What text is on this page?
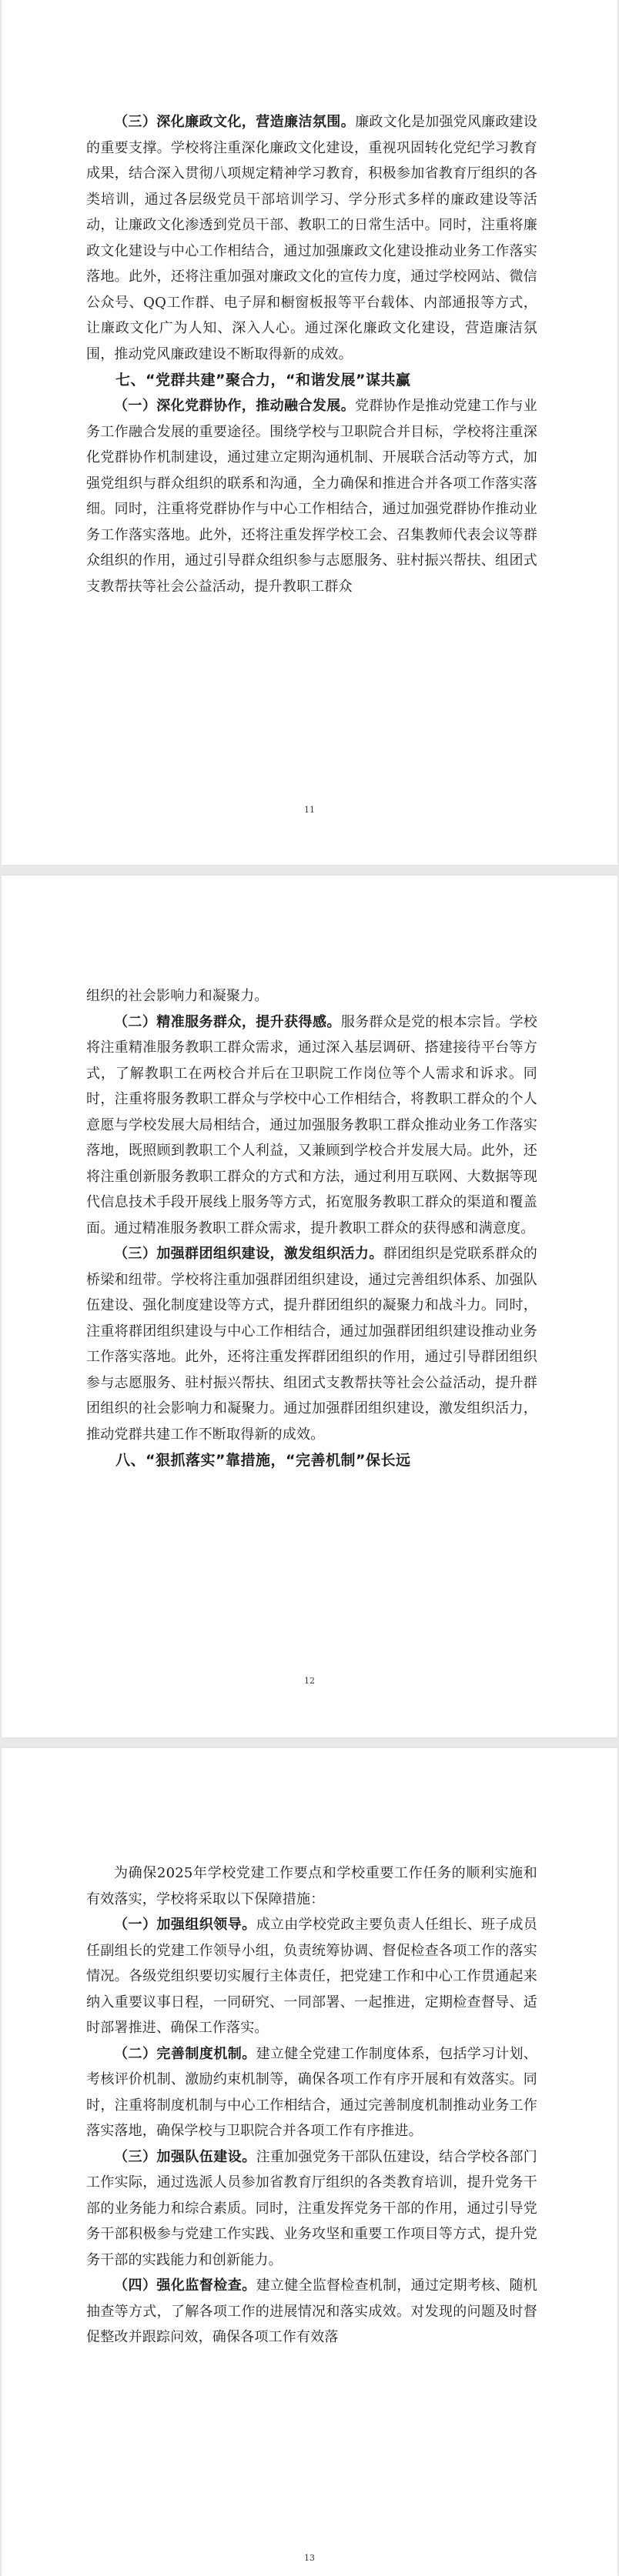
（三）深化廉政文化，营造廉洁氛围。廉政文化是加强党风廉政建设的重要支撑。学校将注重深化廉政文化建设，重视巩固转化党纪学习教育成果，结合深入贯彻八项规定精神学习教育，积极参加省教育厅组织的各类培训，通过各层级党员干部培训学习、学分形式多样的廉政建设等活动，让廉政文化渗透到党员干部、教职工的日常生活中。同时，注重将廉政文化建设与中心工作相结合，通过加强廉政文化建设推动业务工作落实落地。此外，还将注重加强对廉政文化的宣传力度，通过学校网站、微信公众号、QQ工作群、电子屏和橱窗板报等平台载体、内部通报等方式，让廉政文化广为人知、深入人心。通过深化廉政文化建设，营造廉洁氛围，推动党风廉政建设不断取得新的成效。

七、“党群共建”聚合力，“和谐发展”谋共赢

（一）深化党群协作，推动融合发展。党群协作是推动党建工作与业务工作融合发展的重要途径。围绕学校与卫职院合并目标，学校将注重深化党群协作机制建设，通过建立定期沟通机制、开展联合活动等方式，加强党组织与群众组织的联系和沟通，全力确保和推进合并各项工作落实落细。同时，注重将党群协作与中心工作相结合，通过加强党群协作推动业务工作落实落地。此外，还将注重发挥学校工会、召集教师代表会议等群众组织的作用，通过引导群众组织参与志愿服务、驻村振兴帮扶、组团式支教帮扶等社会公益活动，提升教职工群众

11

组织的社会影响力和凝聚力。

（二）精准服务群众，提升获得感。服务群众是党的根本宗旨。学校将注重精准服务教职工群众需求，通过深入基层调研、搭建接待平台等方式，了解教职工在两校合并后在卫职院工作岗位等个人需求和诉求。同时，注重将服务教职工群众与学校中心工作相结合，将教职工群众的个人意愿与学校发展大局相结合，通过加强服务教职工群众推动业务工作落实落地，既照顾到教职工个人利益，又兼顾到学校合并发展大局。此外，还将注重创新服务教职工群众的方式和方法，通过利用互联网、大数据等现代信息技术手段开展线上服务等方式，拓宽服务教职工群众的渠道和覆盖面。通过精准服务教职工群众需求，提升教职工群众的获得感和满意度。

（三）加强群团组织建设，激发组织活力。群团组织是党联系群众的桥梁和纽带。学校将注重加强群团组织建设，通过完善组织体系、加强队伍建设、强化制度建设等方式，提升群团组织的凝聚力和战斗力。同时，注重将群团组织建设与中心工作相结合，通过加强群团组织建设推动业务工作落实落地。此外，还将注重发挥群团组织的作用，通过引导群团组织参与志愿服务、驻村振兴帮扶、组团式支教帮扶等社会公益活动，提升群团组织的社会影响力和凝聚力。通过加强群团组织建设，激发组织活力，推动党群共建工作不断取得新的成效。

八、“狠抓落实”靠措施，“完善机制”保长远

12

为确保2025年学校党建工作要点和学校重要工作任务的顺利实施和有效落实，学校将采取以下保障措施：

（一）加强组织领导。成立由学校党政主要负责人任组长、班子成员任副组长的党建工作领导小组，负责统筹协调、督促检查各项工作的落实情况。各级党组织要切实履行主体责任，把党建工作和中心工作贯通起来纳入重要议事日程，一同研究、一同部署、一起推进，定期检查督导、适时部署推进、确保工作落实。

（二）完善制度机制。建立健全党建工作制度体系，包括学习计划、考核评价机制、激励约束机制等，确保各项工作有序开展和有效落实。同时，注重将制度机制与中心工作相结合，通过完善制度机制推动业务工作落实落地，确保学校与卫职院合并各项工作有序推进。

（三）加强队伍建设。注重加强党务干部队伍建设，结合学校各部门工作实际，通过选派人员参加省教育厅组织的各类教育培训，提升党务干部的业务能力和综合素质。同时，注重发挥党务干部的作用，通过引导党务干部积极参与党建工作实践、业务攻坚和重要工作项目等方式，提升党务干部的实践能力和创新能力。

（四）强化监督检查。建立健全监督检查机制，通过定期考核、随机抽查等方式，了解各项工作的进展情况和落实成效。对发现的问题及时督促整改并跟踪问效，确保各项工作有效落

13
